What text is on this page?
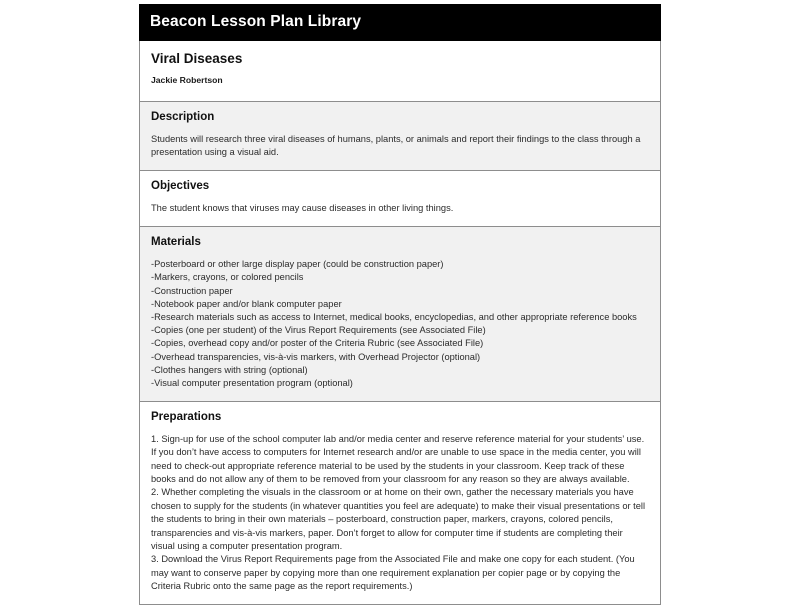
Beacon Lesson Plan Library
Viral Diseases
Jackie Robertson
Description

Students will research three viral diseases of humans, plants, or animals and report their findings to the class through a presentation using a visual aid.

Objectives

The student knows that viruses may cause diseases in other living things.

Materials
-Posterboard or other large display paper (could be construction paper)
-Markers, crayons, or colored pencils
-Construction paper
-Notebook paper and/or blank computer paper
-Research materials such as access to Internet, medical books, encyclopedias, and other appropriate reference books
-Copies (one per student) of the Virus Report Requirements (see Associated File)
-Copies, overhead copy and/or poster of the Criteria Rubric (see Associated File)
-Overhead transparencies, vis-à-vis markers, with Overhead Projector (optional)
-Clothes hangers with string (optional)
-Visual computer presentation program (optional)
Preparations
1. Sign-up for use of the school computer lab and/or media center and reserve reference material for your students’ use. If you don’t have access to computers for Internet research and/or are unable to use space in the media center, you will need to check-out appropriate reference material to be used by the students in your classroom. Keep track of these books and do not allow any of them to be removed from your classroom for any reason so they are always available.
2. Whether completing the visuals in the classroom or at home on their own, gather the necessary materials you have chosen to supply for the students (in whatever quantities you feel are adequate) to make their visual presentations or tell the students to bring in their own materials – posterboard, construction paper, markers, crayons, colored pencils, transparencies and vis-à-vis markers, paper. Don’t forget to allow for computer time if students are completing their visual using a computer presentation program.
3. Download the Virus Report Requirements page from the Associated File and make one copy for each student. (You may want to conserve paper by copying more than one requirement explanation per copier page or by copying the Criteria Rubric onto the same page as the report requirements.)
